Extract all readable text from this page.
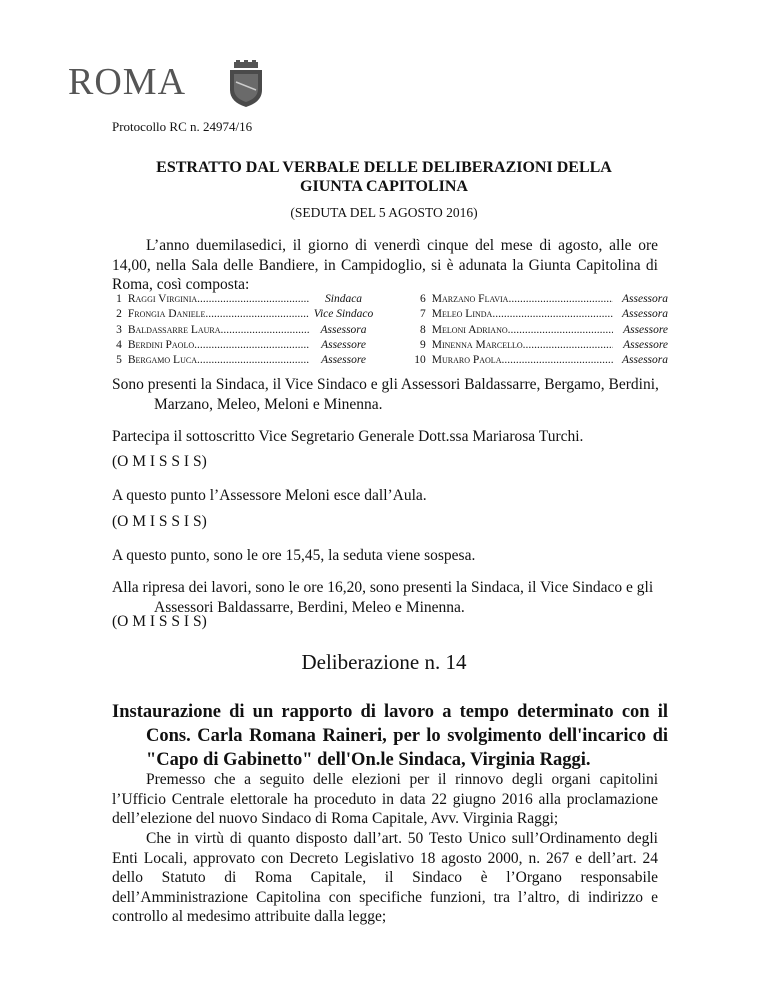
ROMA
Protocollo RC n. 24974/16
ESTRATTO DAL VERBALE DELLE DELIBERAZIONI DELLA
GIUNTA CAPITOLINA
(SEDUTA DEL 5 AGOSTO 2016)
L’anno duemilasedici, il giorno di venerdì cinque del mese di agosto, alle ore 14,00, nella Sala delle Bandiere, in Campidoglio, si è adunata la Giunta Capitolina di Roma, così composta:
1 Raggi Virginia .....	Sindaca
2 Frongia Daniele .....	Vice Sindaco
3 Baldassarre Laura .....	Assessora
4 Berdini Paolo .....	Assessore
5 Bergamo Luca .....	Assessore
6 Marzano Flavia .....	Assessora
7 Meleo Linda .....	Assessora
8 Meloni Adriano .....	Assessore
9 Minenna Marcello .....	Assessore
10 Muraro Paola .....	Assessora
Sono presenti la Sindaca, il Vice Sindaco e gli Assessori Baldassarre, Bergamo, Berdini,
Marzano, Meleo, Meloni e Minenna.
Partecipa il sottoscritto Vice Segretario Generale Dott.ssa Mariarosa Turchi.
(O M I S S I S)
A questo punto l’Assessore Meloni esce dall’Aula.
(O M I S S I S)
A questo punto, sono le ore 15,45, la seduta viene sospesa.
Alla ripresa dei lavori, sono le ore 16,20, sono presenti la Sindaca, il Vice Sindaco e gli
Assessori Baldassarre, Berdini, Meleo e Minenna.
(O M I S S I S)
Deliberazione n. 14
Instaurazione di un rapporto di lavoro a tempo determinato con il
Cons. Carla Romana Raineri, per lo svolgimento dell'incarico di
"Capo di Gabinetto" dell'On.le Sindaca, Virginia Raggi.
Premesso che a seguito delle elezioni per il rinnovo degli organi capitolini l’Ufficio Centrale elettorale ha proceduto in data 22 giugno 2016 alla proclamazione dell’elezione del nuovo Sindaco di Roma Capitale, Avv. Virginia Raggi;
Che in virtù di quanto disposto dall’art. 50 Testo Unico sull’Ordinamento degli Enti Locali, approvato con Decreto Legislativo 18 agosto 2000, n. 267 e dell’art. 24 dello Statuto di Roma Capitale, il Sindaco è l’Organo responsabile dell’Amministrazione Capitolina con specifiche funzioni, tra l’altro, di indirizzo e controllo al medesimo attribuite dalla legge;
